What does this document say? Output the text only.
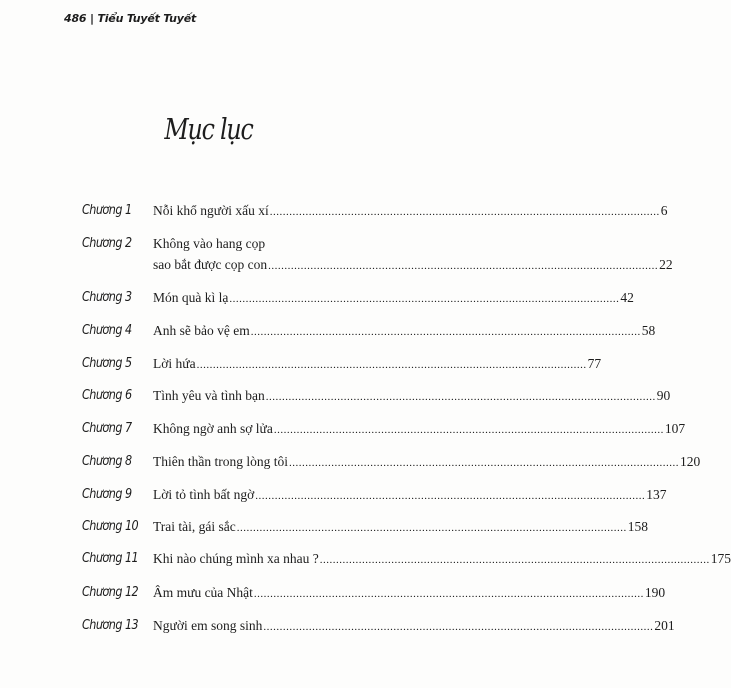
486 | Tiểu Tuyết Tuyết
Mục lục
Chương 1 Nỗi khổ người xấu xí ........................................................................................................................ 6
Chương 2 Không vào hang cọp
sao bắt được cọp con ........................................................................................................................ 22
Chương 3 Món quà kì lạ ........................................................................................................................ 42
Chương 4 Anh sẽ bảo vệ em ........................................................................................................................ 58
Chương 5 Lời hứa ........................................................................................................................ 77
Chương 6 Tình yêu và tình bạn ........................................................................................................................ 90
Chương 7 Không ngờ anh sợ lửa ........................................................................................................................ 107
Chương 8 Thiên thần trong lòng tôi ........................................................................................................................ 120
Chương 9 Lời tỏ tình bất ngờ ........................................................................................................................ 137
Chương 10 Trai tài, gái sắc ........................................................................................................................ 158
Chương 11 Khi nào chúng mình xa nhau ? ........................................................................................................................ 175
Chương 12 Âm mưu của Nhật ........................................................................................................................ 190
Chương 13 Người em song sinh ........................................................................................................................ 201
